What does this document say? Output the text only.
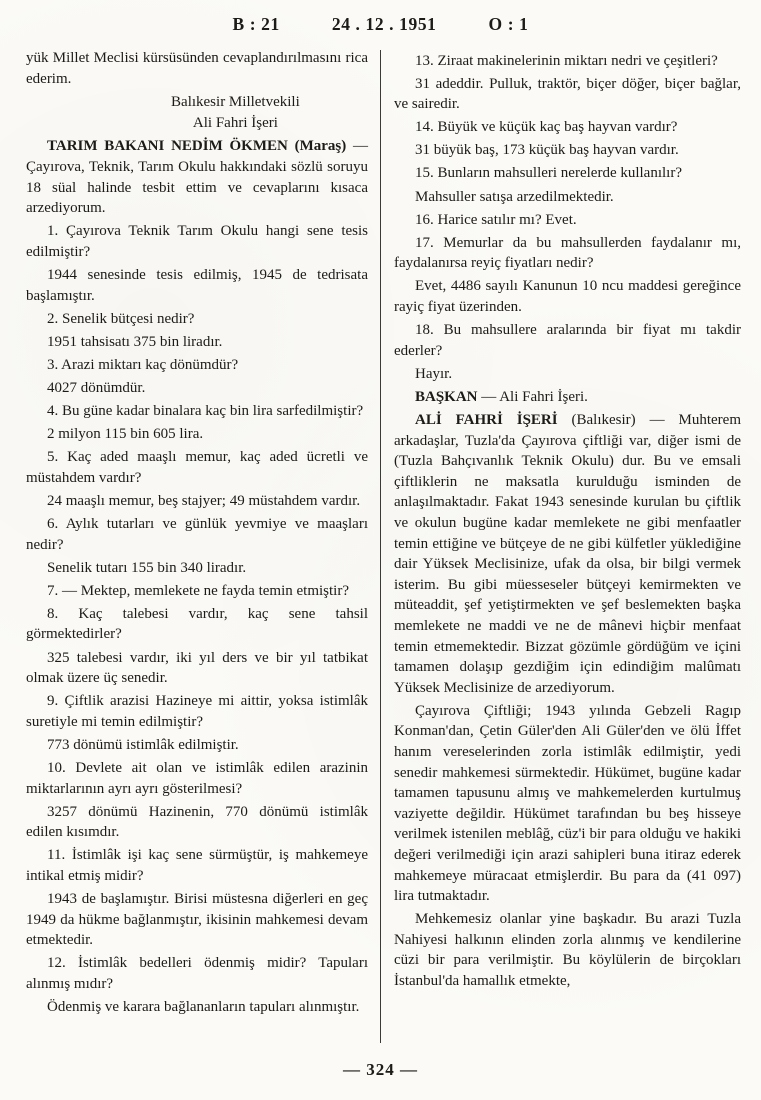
B : 21	24 . 12 . 1951	O : 1

yük Millet Meclisi kürsüsünden cevaplandırılmasını rica ederim.

Balıkesir Milletvekili
Ali Fahri İşeri

TARIM BAKANI NEDİM ÖKMEN (Maraş) — Çayırova, Teknik, Tarım Okulu hakkındaki sözlü soruyu 18 süal halinde tesbit ettim ve cevaplarını kısaca arzediyorum.

1. Çayırova Teknik Tarım Okulu hangi sene tesis edilmiştir?

1944 senesinde tesis edilmiş, 1945 de tedrisata başlamıştır.

2. Senelik bütçesi nedir?

1951 tahsisatı 375 bin liradır.

3. Arazi miktarı kaç dönümdür?

4027 dönümdür.

4. Bu güne kadar binalara kaç bin lira sarfedilmiştir?

2 milyon 115 bin 605 lira.

5. Kaç aded maaşlı memur, kaç aded ücretli ve müstahdem vardır?

24 maaşlı memur, beş stajyer; 49 müstahdem vardır.

6. Aylık tutarları ve günlük yevmiye ve maaşları nedir?

Senelik tutarı 155 bin 340 liradır.

7. — Mektep, memlekete ne fayda temin etmiştir?

8. Kaç talebesi vardır, kaç sene tahsil görmektedirler?

325 talebesi vardır, iki yıl ders ve bir yıl tatbikat olmak üzere üç senedir.

9. Çiftlik arazisi Hazineye mi aittir, yoksa istimlâk suretiyle mi temin edilmiştir?

773 dönümü istimlâk edilmiştir.

10. Devlete ait olan ve istimlâk edilen arazinin miktarlarının ayrı ayrı gösterilmesi?

3257 dönümü Hazinenin, 770 dönümü istimlâk edilen kısımdır.

11. İstimlâk işi kaç sene sürmüştür, iş mahkemeye intikal etmiş midir?

1943 de başlamıştır. Birisi müstesna diğerleri en geç 1949 da hükme bağlanmıştır, ikisinin mahkemesi devam etmektedir.

12. İstimlâk bedelleri ödenmiş midir? Tapuları alınmış mıdır?

Ödenmiş ve karara bağlananların tapuları alınmıştır.

13. Ziraat makinelerinin miktarı nedri ve çeşitleri?

31 adeddir. Pulluk, traktör, biçer döğer, biçer bağlar, ve sairedir.

14. Büyük ve küçük kaç baş hayvan vardır?

31 büyük baş, 173 küçük baş hayvan vardır.

15. Bunların mahsulleri nerelerde kullanılır?

Mahsuller satışa arzedilmektedir.

16. Harice satılır mı? Evet.

17. Memurlar da bu mahsullerden faydalanır mı, faydalanırsa reyiç fiyatları nedir?

Evet, 4486 sayılı Kanunun 10 ncu maddesi gereğince rayiç fiyat üzerinden.

18. Bu mahsullere aralarında bir fiyat mı takdir ederler?

Hayır.

BAŞKAN — Ali Fahri İşeri.

ALİ FAHRİ İŞERİ (Balıkesir) — Muhterem arkadaşlar, Tuzla'da Çayırova çiftliği var, diğer ismi de (Tuzla Bahçıvanlık Teknik Okulu) dur. Bu ve emsali çiftliklerin ne maksatla kurulduğu isminden de anlaşılmaktadır. Fakat 1943 senesinde kurulan bu çiftlik ve okulun bugüne kadar memlekete ne gibi menfaatler temin ettiğine ve bütçeye de ne gibi külfetler yüklediğine dair Yüksek Meclisinize, ufak da olsa, bir bilgi vermek isterim. Bu gibi müesseseler bütçeyi kemirmekten ve müteaddit, şef yetiştirmekten ve şef beslemekten başka memlekete ne maddi ve ne de mânevi hiçbir menfaat temin etmemektedir. Bizzat gözümle gördüğüm ve içini tamamen dolaşıp gezdiğim için edindiğim malûmatı Yüksek Meclisinize de arzediyorum.

Çayırova Çiftliği; 1943 yılında Gebzeli Ragıp Konman'dan, Çetin Güler'den Ali Güler'den ve ölü İffet hanım vereselerinden zorla istimlâk edilmiştir, yedi senedir mahkemesi sürmektedir. Hükümet, bugüne kadar tamamen tapusunu almış ve mahkemelerden kurtulmuş vaziyette değildir. Hükümet tarafından bu beş hisseye verilmek istenilen meblâğ, cüz'i bir para olduğu ve hakiki değeri verilmediği için arazi sahipleri buna itiraz ederek mahkemeye müracaat etmişlerdir. Bu para da (41 097) lira tutmaktadır.

Mehkemesiz olanlar yine başkadır. Bu arazi Tuzla Nahiyesi halkının elinden zorla alınmış ve kendilerine cüzi bir para verilmiştir. Bu köylülerin de birçokları İstanbul'da hamallık etmekte,

— 324 —
